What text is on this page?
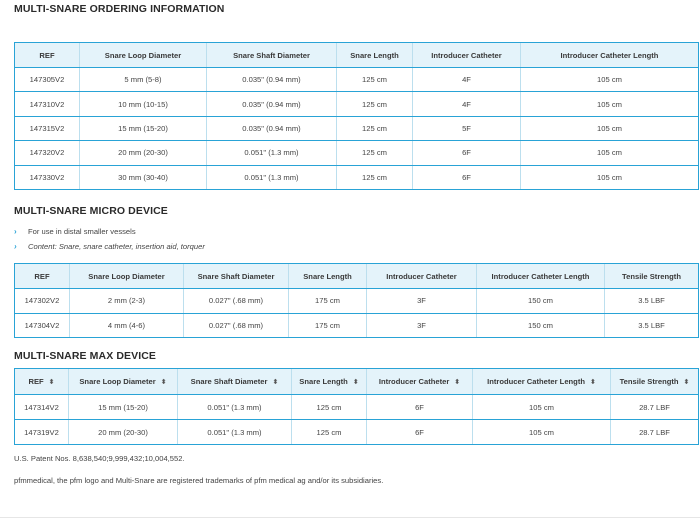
MULTI-SNARE ORDERING INFORMATION
REF	Snare Loop Diameter	Snare Shaft Diameter	Snare Length	Introducer Catheter	Introducer Catheter Length
147305V2	5 mm (5-8)	0.035" (0.94 mm)	125 cm	4F	105 cm
147310V2	10 mm (10-15)	0.035" (0.94 mm)	125 cm	4F	105 cm
147315V2	15 mm (15-20)	0.035" (0.94 mm)	125 cm	5F	105 cm
147320V2	20 mm (20-30)	0.051" (1.3 mm)	125 cm	6F	105 cm
147330V2	30 mm (30-40)	0.051" (1.3 mm)	125 cm	6F	105 cm
MULTI-SNARE MICRO DEVICE
› For use in distal smaller vessels
› Content: Snare, snare catheter, insertion aid, torquer
REF	Snare Loop Diameter	Snare Shaft Diameter	Snare Length	Introducer Catheter	Introducer Catheter Length	Tensile Strength
147302V2	2 mm (2-3)	0.027" (.68 mm)	175 cm	3F	150 cm	3.5 LBF
147304V2	4 mm (4-6)	0.027" (.68 mm)	175 cm	3F	150 cm	3.5 LBF
MULTI-SNARE MAX DEVICE
REF ⬍	Snare Loop Diameter ⬍	Snare Shaft Diameter ⬍	Snare Length ⬍	Introducer Catheter ⬍	Introducer Catheter Length ⬍	Tensile Strength ⬍
147314V2	15 mm (15-20)	0.051" (1.3 mm)	125 cm	6F	105 cm	28.7 LBF
147319V2	20 mm (20-30)	0.051" (1.3 mm)	125 cm	6F	105 cm	28.7 LBF
U.S. Patent Nos. 8,638,540;9,999,432;10,004,552.
pfmmedical, the pfm logo and Multi-Snare are registered trademarks of pfm medical ag and/or its subsidiaries.
